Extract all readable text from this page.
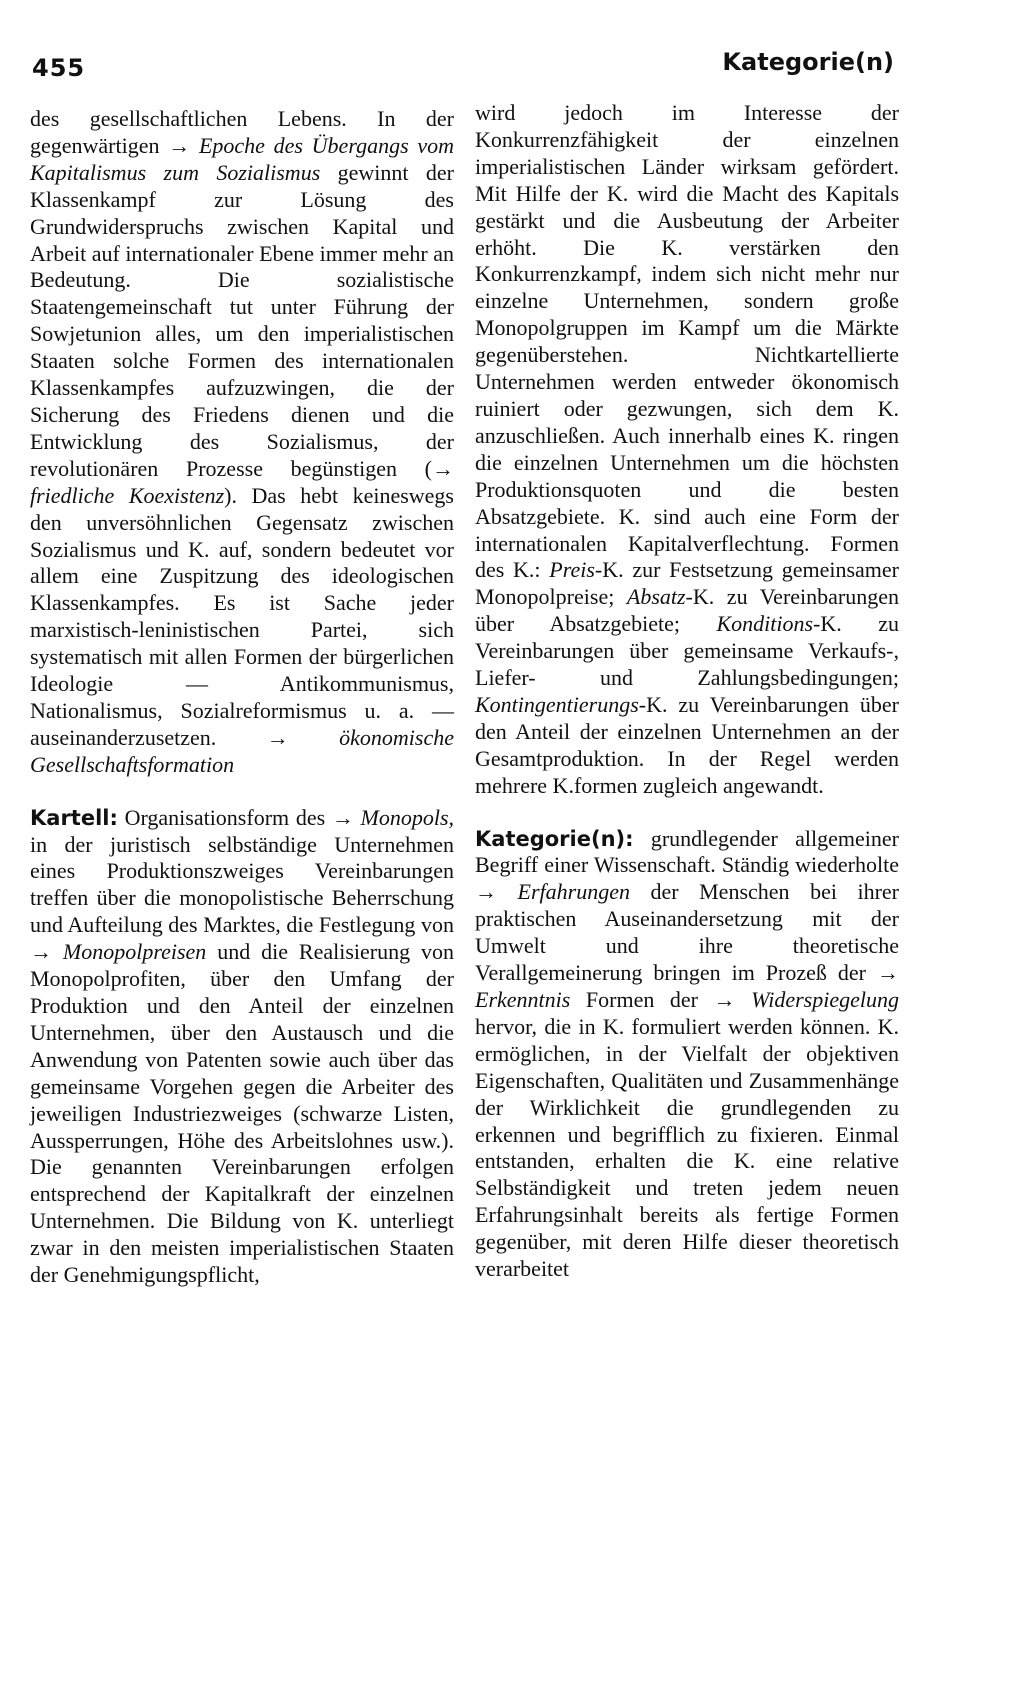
455	Kategorie(n)

des gesellschaftlichen Lebens. In der gegenwärtigen → Epoche des Übergangs vom Kapitalismus zum Sozialismus gewinnt der Klassenkampf zur Lösung des Grundwiderspruchs zwischen Kapital und Arbeit auf internationaler Ebene immer mehr an Bedeutung. Die sozialistische Staatengemeinschaft tut unter Führung der Sowjetunion alles, um den imperialistischen Staaten solche Formen des internationalen Klassenkampfes aufzuzwingen, die der Sicherung des Friedens dienen und die Entwicklung des Sozialismus, der revolutionären Prozesse begünstigen (→ friedliche Koexistenz). Das hebt keineswegs den unversöhnlichen Gegensatz zwischen Sozialismus und K. auf, sondern bedeutet vor allem eine Zuspitzung des ideologischen Klassenkampfes. Es ist Sache jeder marxistisch-leninistischen Partei, sich systematisch mit allen Formen der bürgerlichen Ideologie — Antikommunismus, Nationalismus, Sozialreformismus u. a. — auseinanderzusetzen. → ökonomische Gesellschaftsformation

Kartell: Organisationsform des → Monopols, in der juristisch selbständige Unternehmen eines Produktionszweiges Vereinbarungen treffen über die monopolistische Beherrschung und Aufteilung des Marktes, die Festlegung von → Monopolpreisen und die Realisierung von Monopolprofiten, über den Umfang der Produktion und den Anteil der einzelnen Unternehmen, über den Austausch und die Anwendung von Patenten sowie auch über das gemeinsame Vorgehen gegen die Arbeiter des jeweiligen Industriezweiges (schwarze Listen, Aussperrungen, Höhe des Arbeitslohnes usw.). Die genannten Vereinbarungen erfolgen entsprechend der Kapitalkraft der einzelnen Unternehmen. Die Bildung von K. unterliegt zwar in den meisten imperialistischen Staaten der Genehmigungspflicht,

wird jedoch im Interesse der Konkurrenzfähigkeit der einzelnen imperialistischen Länder wirksam gefördert. Mit Hilfe der K. wird die Macht des Kapitals gestärkt und die Ausbeutung der Arbeiter erhöht. Die K. verstärken den Konkurrenzkampf, indem sich nicht mehr nur einzelne Unternehmen, sondern große Monopolgruppen im Kampf um die Märkte gegenüberstehen. Nichtkartellierte Unternehmen werden entweder ökonomisch ruiniert oder gezwungen, sich dem K. anzuschließen. Auch innerhalb eines K. ringen die einzelnen Unternehmen um die höchsten Produktionsquoten und die besten Absatzgebiete. K. sind auch eine Form der internationalen Kapitalverflechtung. Formen des K.: Preis-K. zur Festsetzung gemeinsamer Monopolpreise; Absatz-K. zu Vereinbarungen über Absatzgebiete; Konditions-K. zu Vereinbarungen über gemeinsame Verkaufs-, Liefer- und Zahlungsbedingungen; Kontingentierungs-K. zu Vereinbarungen über den Anteil der einzelnen Unternehmen an der Gesamtproduktion. In der Regel werden mehrere K.formen zugleich angewandt.

Kategorie(n): grundlegender allgemeiner Begriff einer Wissenschaft. Ständig wiederholte → Erfahrungen der Menschen bei ihrer praktischen Auseinandersetzung mit der Umwelt und ihre theoretische Verallgemeinerung bringen im Prozeß der → Erkenntnis Formen der → Widerspiegelung hervor, die in K. formuliert werden können. K. ermöglichen, in der Vielfalt der objektiven Eigenschaften, Qualitäten und Zusammenhänge der Wirklichkeit die grundlegenden zu erkennen und begrifflich zu fixieren. Einmal entstanden, erhalten die K. eine relative Selbständigkeit und treten jedem neuen Erfahrungsinhalt bereits als fertige Formen gegenüber, mit deren Hilfe dieser theoretisch verarbeitet
